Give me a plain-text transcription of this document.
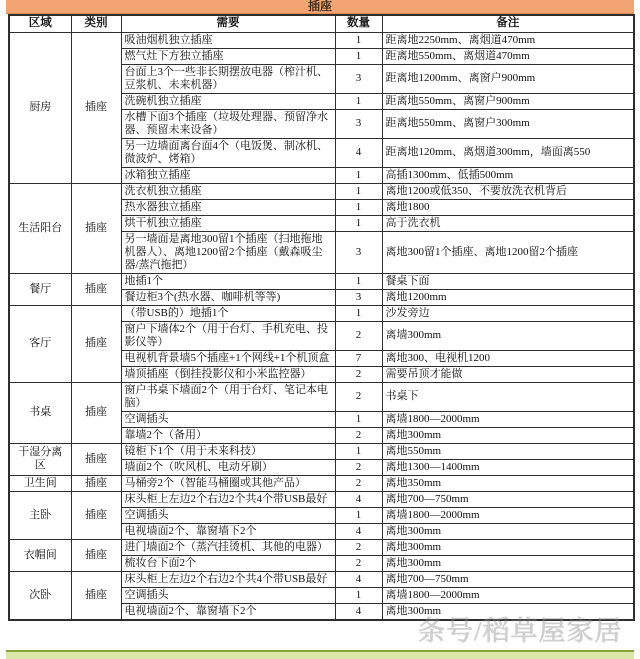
插座
区域	类别	需要	数量	备注
厨房	插座	吸油烟机独立插座	1	距离地2250mm、离烟道470mm
		燃气灶下方独立插座	1	距离地550mm、离烟道470mm
		台面上3个一些非长期摆放电器（榨汁机、豆浆机、未来机器）	3	距离地1200mm、离窗户900mm
		洗碗机独立插座	1	距离地550mm、离窗户900mm
		水槽下面3个插座（垃圾处理器、预留净水器、预留未来设备）	3	距离地550mm、离窗户300mm
		另一边墙面离台面4个（电饭煲、制冰机、微波炉、烤箱）	4	距离地120mm、离烟道300mm，墙面离550
		冰箱独立插座	1	高插1300mm、低插500mm
生活阳台	插座	洗衣机独立插座	1	离地1200或低350、不要放洗衣机背后
		热水器独立插座	1	离地1800
		烘干机独立插座	1	高于洗衣机
		另一墙面是离地300留1个插座（扫地拖地机器人）、离地1200留2个插座（戴森吸尘器/蒸汽拖把）	3	离地300留1个插座、离地1200留2个插座
餐厅	插座	地插1个	1	餐桌下面
		餐边柜3个(热水器、咖啡机等等)	3	离地1200mm
客厅	插座	（带USB的）地插1个	1	沙发旁边
		窗户下墙体2个（用于台灯、手机充电、投影仪等）	2	离墙300mm
		电视机背景墙5个插座+1个网线+1个机顶盒	7	离地300、电视机1200
		墙顶插座（倒挂投影仪和小米监控器）	2	需要吊顶才能做
书桌	插座	窗户书桌下墙面2个（用于台灯、笔记本电脑）	2	书桌下
		空调插头	1	离墙1800—2000mm
		靠墙2个（备用）	2	离地300mm
干湿分离区	插座	镜柜下1个（用于未来科技）	1	离地550mm
		墙面2个（吹风机、电动牙刷）	2	离地1300—1400mm
卫生间	插座	马桶旁2个（智能马桶圈或其他产品）	2	离地350mm
主卧	插座	床头柜上左边2个右边2个共4个带USB最好	4	离地700—750mm
		空调插头	1	离墙1800—2000mm
		电视墙面2个、靠窗墙下2个	4	离地300mm
衣帽间	插座	进门墙面2个（蒸汽挂烫机、其他的电器）	2	离地300mm
		梳妆台下面2个	2	离地300mm
次卧	插座	床头柜上左边2个右边2个共4个带USB最好	4	离地700—750mm
		空调插头	1	离墙1800—2000mm
		电视墙面2个、靠窗墙下2个	4	离地300mm
条号/稻草屋家居
